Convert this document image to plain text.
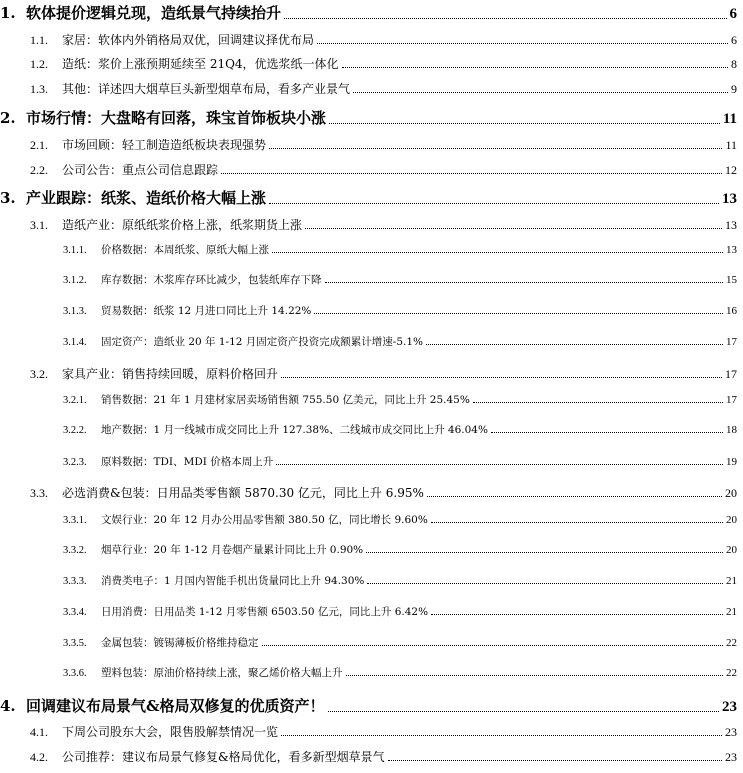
1. 软体提价逻辑兑现，造纸景气持续抬升	6
1.1.	家居：软体内外销格局双优，回调建议择优布局	6
1.2.	造纸：浆价上涨预期延续至 21Q4，优选浆纸一体化	8
1.3.	其他：详述四大烟草巨头新型烟草布局，看多产业景气	9
2. 市场行情：大盘略有回落，珠宝首饰板块小涨	11
2.1.	市场回顾：轻工制造造纸板块表现强势	11
2.2.	公司公告：重点公司信息跟踪	12
3. 产业跟踪：纸浆、造纸价格大幅上涨	13
3.1.	造纸产业：原纸纸浆价格上涨，纸浆期货上涨	13
3.1.1.	价格数据：本周纸浆、原纸大幅上涨	13
3.1.2.	库存数据：木浆库存环比减少，包装纸库存下降	15
3.1.3.	贸易数据：纸浆 12 月进口同比上升 14.22%	16
3.1.4.	固定资产：造纸业 20 年 1-12 月固定资产投资完成额累计增速-5.1%	17
3.2.	家具产业：销售持续回暖，原料价格回升	17
3.2.1.	销售数据：21 年 1 月建材家居卖场销售额 755.50 亿美元，同比上升 25.45%	17
3.2.2.	地产数据：1 月一线城市成交同比上升 127.38%、二线城市成交同比上升 46.04%	18
3.2.3.	原料数据：TDI、MDI 价格本周上升	19
3.3.	必选消费&包装：日用品类零售额 5870.30 亿元，同比上升 6.95%	20
3.3.1.	文娱行业：20 年 12 月办公用品零售额 380.50 亿，同比增长 9.60%	20
3.3.2.	烟草行业：20 年 1-12 月卷烟产量累计同比上升 0.90%	20
3.3.3.	消费类电子：1 月国内智能手机出货量同比上升 94.30%	21
3.3.4.	日用消费：日用品类 1-12 月零售额 6503.50 亿元，同比上升 6.42%	21
3.3.5.	金属包装：镀锡薄板价格维持稳定	22
3.3.6.	塑料包装：原油价格持续上涨，聚乙烯价格大幅上升	22
4. 回调建议布局景气&格局双修复的优质资产！	23
4.1.	下周公司股东大会，限售股解禁情况一览	23
4.2.	公司推荐：建议布局景气修复&格局优化，看多新型烟草景气	23
